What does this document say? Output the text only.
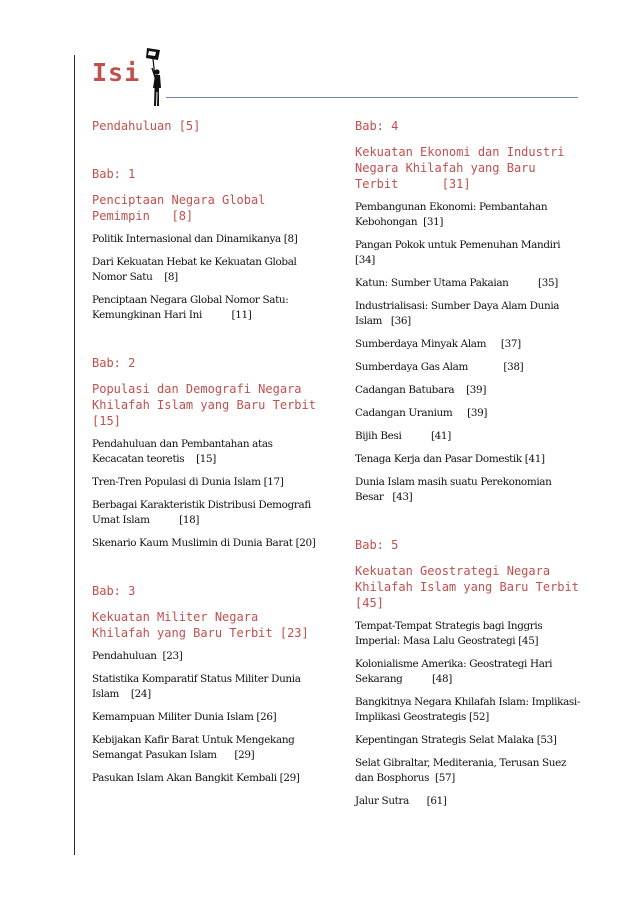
Isi
Pendahuluan [5]
Bab: 1
Penciptaan Negara Global Pemimpin   [8]
Politik Internasional dan Dinamikanya [8]
Dari Kekuatan Hebat ke Kekuatan Global Nomor Satu    [8]
Penciptaan Negara Global Nomor Satu: Kemungkinan Hari Ini          [11]
Bab: 2
Populasi dan Demografi Negara Khilafah Islam yang Baru Terbit [15]
Pendahuluan dan Pembantahan atas Kecacatan teoretis    [15]
Tren-Tren Populasi di Dunia Islam [17]
Berbagai Karakteristik Distribusi Demografi Umat Islam          [18]
Skenario Kaum Muslimin di Dunia Barat [20]
Bab: 3
Kekuatan Militer Negara Khilafah yang Baru Terbit [23]
Pendahuluan  [23]
Statistika Komparatif Status Militer Dunia Islam    [24]
Kemampuan Militer Dunia Islam [26]
Kebijakan Kafir Barat Untuk Mengekang Semangat Pasukan Islam      [29]
Pasukan Islam Akan Bangkit Kembali [29]
Bab: 4
Kekuatan Ekonomi dan Industri Negara Khilafah yang Baru Terbit      [31]
Pembangunan Ekonomi: Pembantahan Kebohongan  [31]
Pangan Pokok untuk Pemenuhan Mandiri          [34]
Katun: Sumber Utama Pakaian          [35]
Industrialisasi: Sumber Daya Alam Dunia Islam   [36]
Sumberdaya Minyak Alam     [37]
Sumberdaya Gas Alam            [38]
Cadangan Batubara    [39]
Cadangan Uranium     [39]
Bijih Besi          [41]
Tenaga Kerja dan Pasar Domestik [41]
Dunia Islam masih suatu Perekonomian Besar   [43]
Bab: 5
Kekuatan Geostrategi Negara Khilafah Islam yang Baru Terbit [45]
Tempat-Tempat Strategis bagi Inggris Imperial: Masa Lalu Geostrategi [45]
Kolonialisme Amerika: Geostrategi Hari Sekarang          [48]
Bangkitnya Negara Khilafah Islam: Implikasi-Implikasi Geostrategis [52]
Kepentingan Strategis Selat Malaka [53]
Selat Gibraltar, Mediterania, Terusan Suez dan Bosphorus  [57]
Jalur Sutra      [61]
